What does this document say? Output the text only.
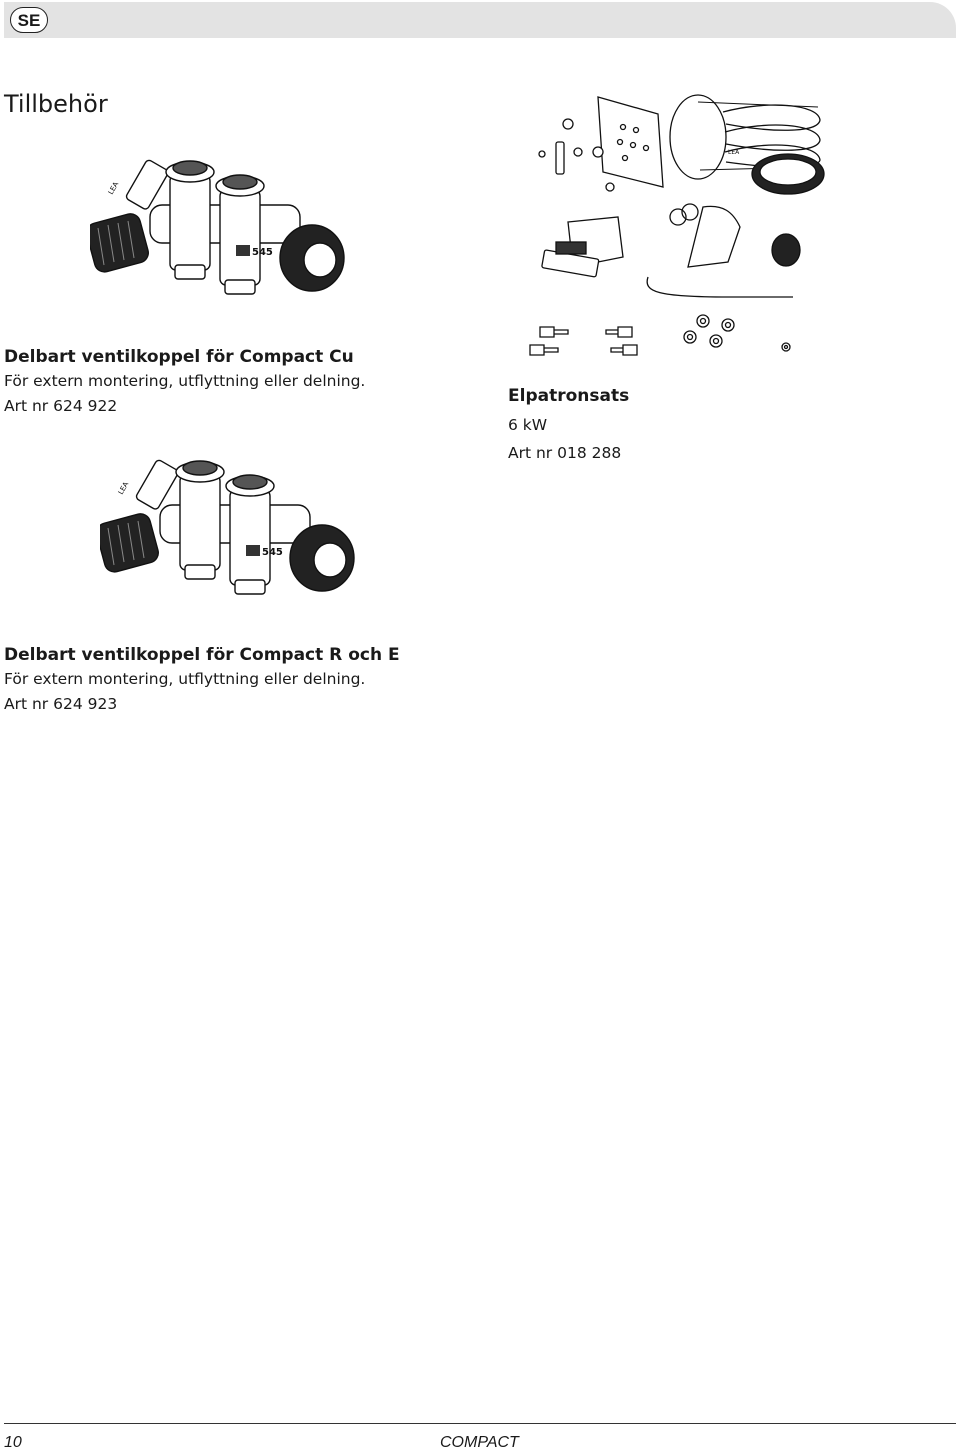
SE
Tillbehör
LEA
545
Delbart ventilkoppel för Compact Cu

För extern montering, utflyttning eller delning.

Art nr 624 922

LEA
Elpatronsats

6 kW

Art nr 018 288

LEA
545
Delbart ventilkoppel för Compact R och E

För extern montering, utflyttning eller delning.

Art nr 624 923

10	COMPACT
